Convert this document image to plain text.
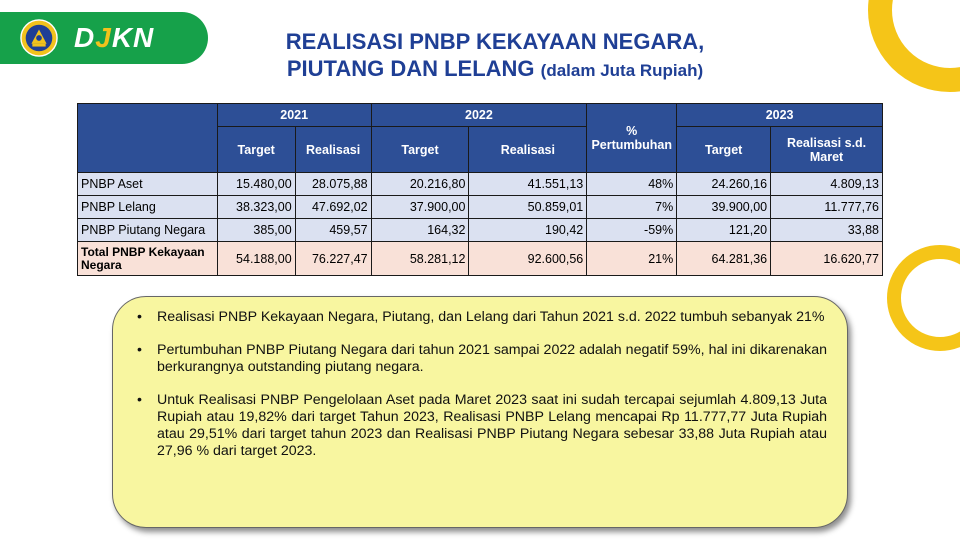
DJKN	REALISASI PNBP KEKAYAAN NEGARA,
PIUTANG DAN LELANG (dalam Juta Rupiah)
	2021		2022		% Pertumbuhan	2023	
	Target	Realisasi	Target	Realisasi		Target	Realisasi s.d. Maret
PNBP Aset	15.480,00	28.075,88	20.216,80	41.551,13	48%	24.260,16	4.809,13
PNBP Lelang	38.323,00	47.692,02	37.900,00	50.859,01	7%	39.900,00	11.777,76
PNBP Piutang Negara	385,00	459,57	164,32	190,42	-59%	121,20	33,88
Total PNBP Kekayaan Negara	54.188,00	76.227,47	58.281,12	92.600,56	21%	64.281,36	16.620,77
• Realisasi PNBP Kekayaan Negara, Piutang, dan Lelang dari Tahun 2021 s.d. 2022 tumbuh sebanyak 21%
• Pertumbuhan PNBP Piutang Negara dari tahun 2021 sampai 2022 adalah negatif 59%, hal ini dikarenakan berkurangnya outstanding piutang negara.
• Untuk Realisasi PNBP Pengelolaan Aset pada Maret 2023 saat ini sudah tercapai sejumlah 4.809,13 Juta Rupiah atau 19,82% dari target Tahun 2023, Realisasi PNBP Lelang mencapai Rp 11.777,77 Juta Rupiah atau 29,51% dari target tahun 2023 dan Realisasi PNBP Piutang Negara sebesar 33,88 Juta Rupiah atau 27,96 % dari target 2023.
